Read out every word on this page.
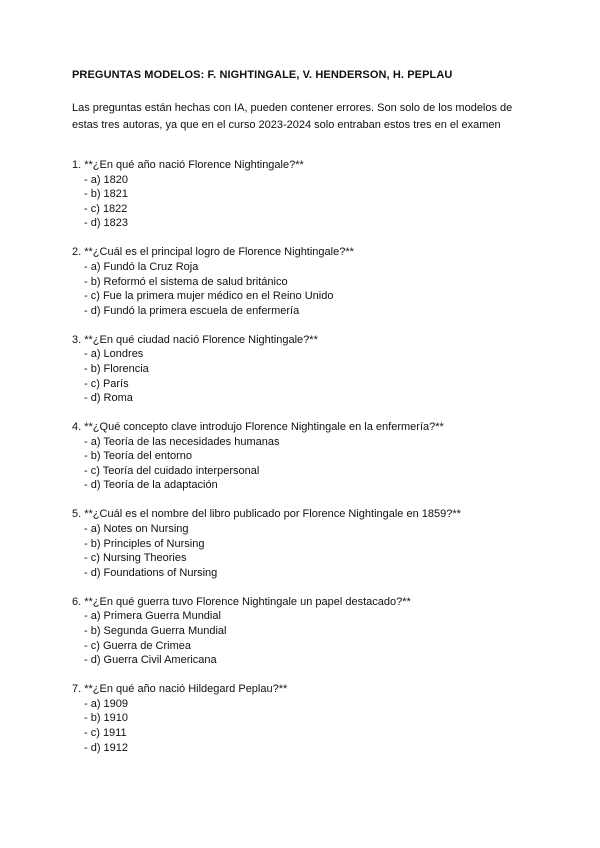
PREGUNTAS MODELOS: F. NIGHTINGALE, V. HENDERSON, H. PEPLAU
Las preguntas están hechas con IA, pueden contener errores. Son solo de los modelos de estas tres autoras, ya que en el curso 2023-2024 solo entraban estos tres en el examen
1 . **¿En qué año nació Florence Nightingale?**
- a) 1820
- b) 1821
- c) 1822
- d) 1823
2 . **¿Cuál es el principal logro de Florence Nightingale?**
- a) Fundó la Cruz Roja
- b) Reformó el sistema de salud británico
- c) Fue la primera mujer médico en el Reino Unido
- d) Fundó la primera escuela de enfermería
3 . **¿En qué ciudad nació Florence Nightingale?**
- a) Londres
- b) Florencia
- c) París
- d) Roma
4 . **¿Qué concepto clave introdujo Florence Nightingale en la enfermería?**
- a) Teoría de las necesidades humanas
- b) Teoría del entorno
- c) Teoría del cuidado interpersonal
- d) Teoría de la adaptación
5 . **¿Cuál es el nombre del libro publicado por Florence Nightingale en 1859?**
- a) Notes on Nursing
- b) Principles of Nursing
- c) Nursing Theories
- d) Foundations of Nursing
6 . **¿En qué guerra tuvo Florence Nightingale un papel destacado?**
- a) Primera Guerra Mundial
- b) Segunda Guerra Mundial
- c) Guerra de Crimea
- d) Guerra Civil Americana
7 . **¿En qué año nació Hildegard Peplau?**
- a) 1909
- b) 1910
- c) 1911
- d) 1912
